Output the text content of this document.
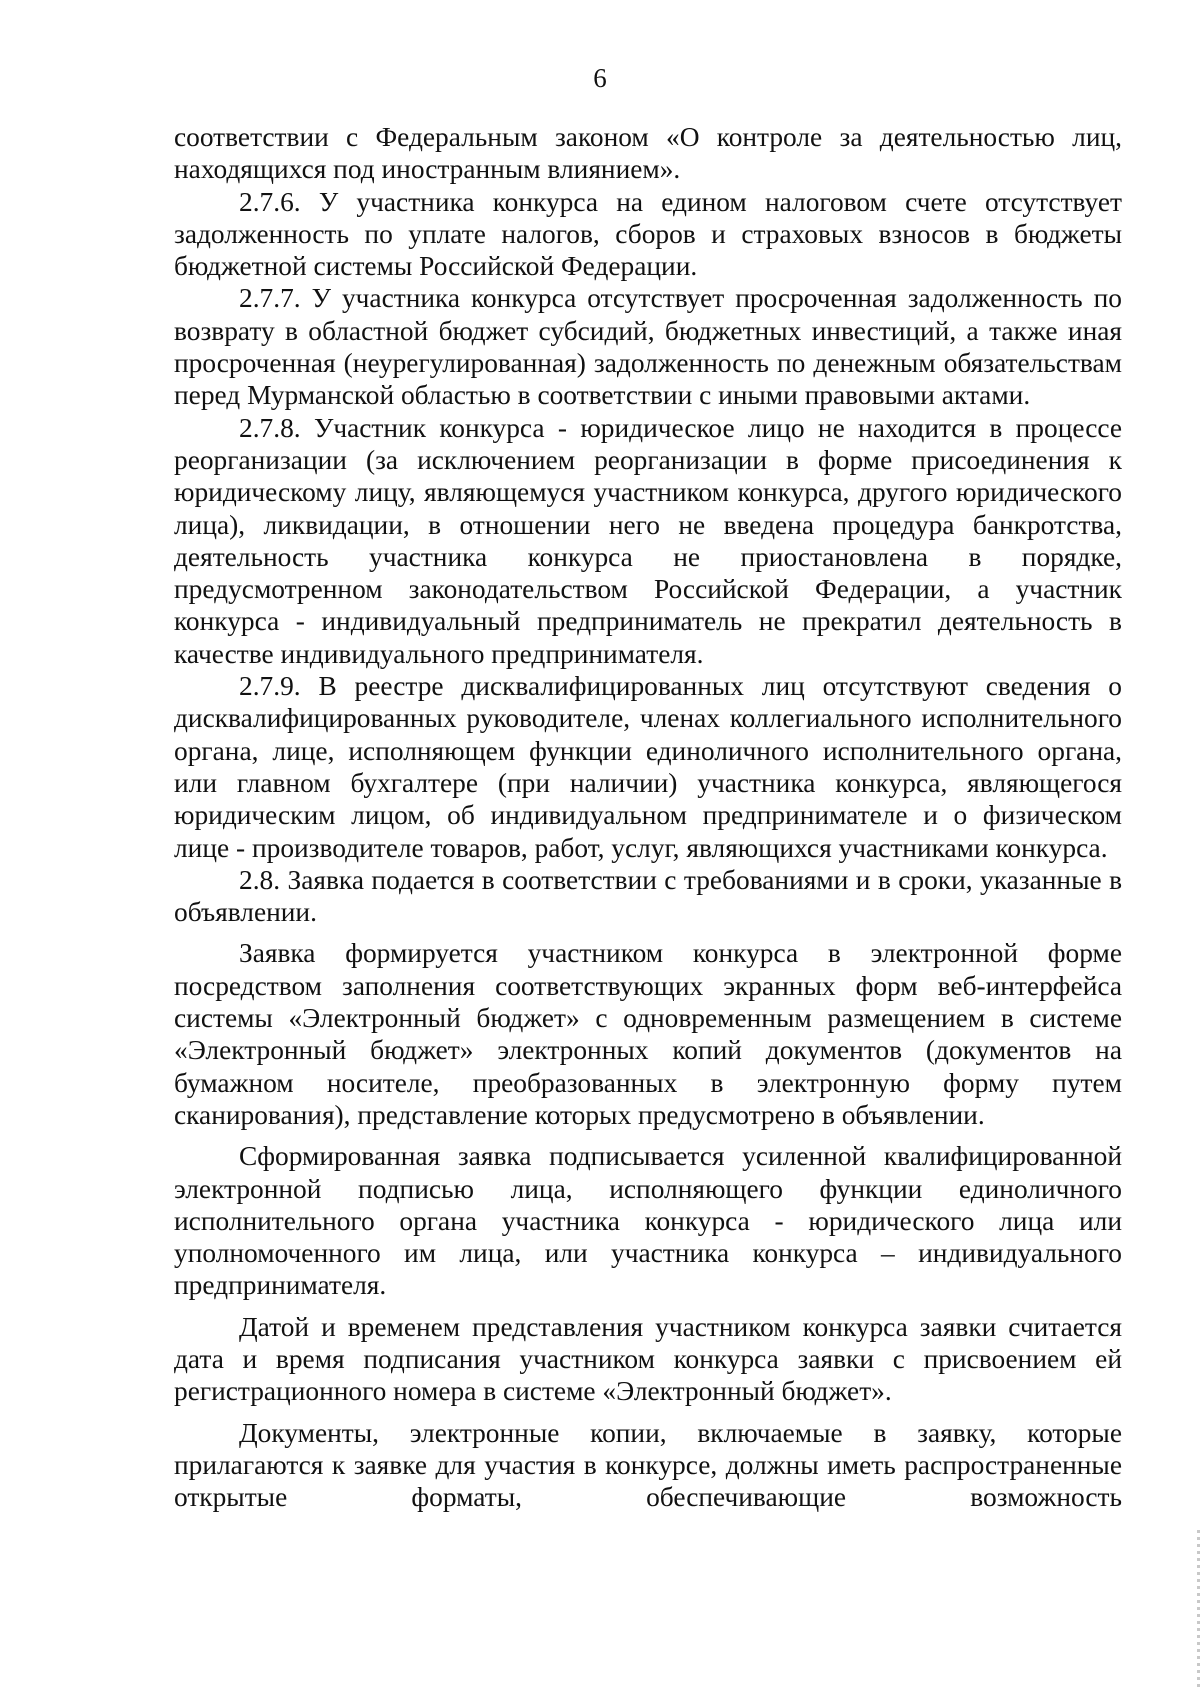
6

соответствии с Федеральным законом «О контроле за деятельностью лиц, находящихся под иностранным влиянием».

2.7.6. У участника конкурса на едином налоговом счете отсутствует задолженность по уплате налогов, сборов и страховых взносов в бюджеты бюджетной системы Российской Федерации.

2.7.7. У участника конкурса отсутствует просроченная задолженность по возврату в областной бюджет субсидий, бюджетных инвестиций, а также иная просроченная (неурегулированная) задолженность по денежным обязательствам перед Мурманской областью в соответствии с иными правовыми актами.

2.7.8. Участник конкурса - юридическое лицо не находится в процессе реорганизации (за исключением реорганизации в форме присоединения к юридическому лицу, являющемуся участником конкурса, другого юридического лица), ликвидации, в отношении него не введена процедура банкротства, деятельность участника конкурса не приостановлена в порядке, предусмотренном законодательством Российской Федерации, а участник конкурса - индивидуальный предприниматель не прекратил деятельность в качестве индивидуального предпринимателя.

2.7.9. В реестре дисквалифицированных лиц отсутствуют сведения о дисквалифицированных руководителе, членах коллегиального исполнительного органа, лице, исполняющем функции единоличного исполнительного органа, или главном бухгалтере (при наличии) участника конкурса, являющегося юридическим лицом, об индивидуальном предпринимателе и о физическом лице - производителе товаров, работ, услуг, являющихся участниками конкурса.

2.8. Заявка подается в соответствии с требованиями и в сроки, указанные в объявлении.

Заявка формируется участником конкурса в электронной форме посредством заполнения соответствующих экранных форм веб-интерфейса системы «Электронный бюджет» с одновременным размещением в системе «Электронный бюджет» электронных копий документов (документов на бумажном носителе, преобразованных в электронную форму путем сканирования), представление которых предусмотрено в объявлении.

Сформированная заявка подписывается усиленной квалифицированной электронной подписью лица, исполняющего функции единоличного исполнительного органа участника конкурса - юридического лица или уполномоченного им лица, или участника конкурса – индивидуального предпринимателя.

Датой и временем представления участником конкурса заявки считается дата и время подписания участником конкурса заявки с присвоением ей регистрационного номера в системе «Электронный бюджет».

Документы, электронные копии, включаемые в заявку, которые прилагаются к заявке для участия в конкурсе, должны иметь распространенные открытые форматы, обеспечивающие возможность
